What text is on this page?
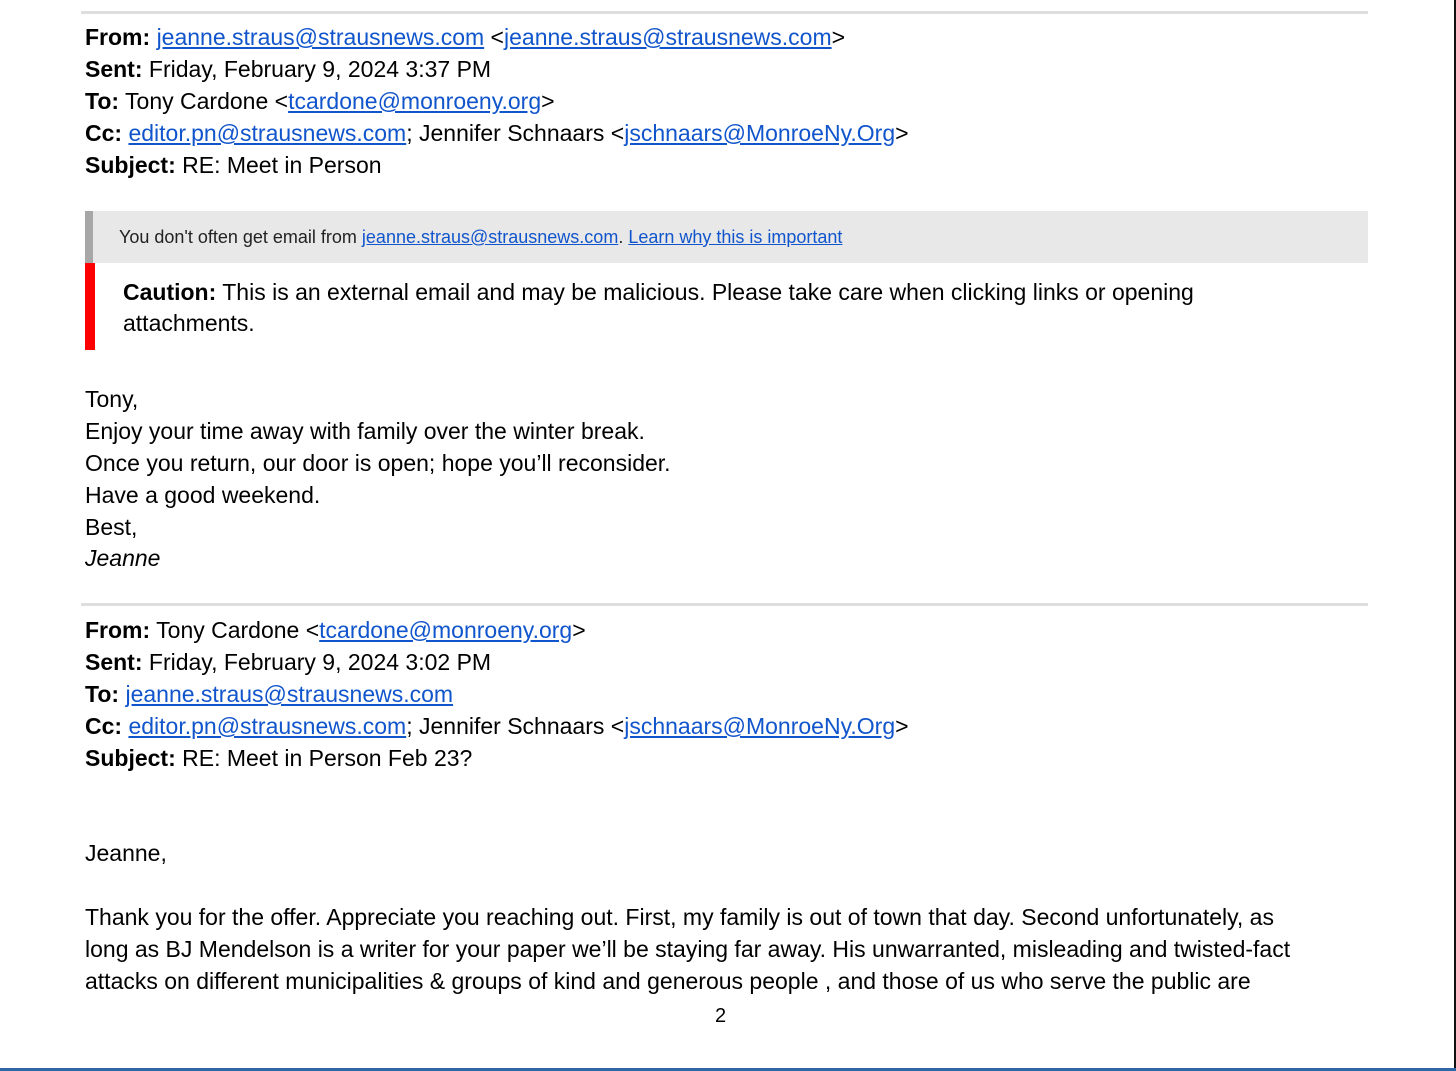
From: jeanne.straus@strausnews.com <jeanne.straus@strausnews.com>
Sent: Friday, February 9, 2024 3:37 PM
To: Tony Cardone <tcardone@monroeny.org>
Cc: editor.pn@strausnews.com; Jennifer Schnaars <jschnaars@MonroeNy.Org>
Subject: RE: Meet in Person
You don't often get email from jeanne.straus@strausnews.com. Learn why this is important
Caution: This is an external email and may be malicious. Please take care when clicking links or opening attachments.
Tony,
Enjoy your time away with family over the winter break.
Once you return, our door is open; hope you’ll reconsider.
Have a good weekend.
Best,
Jeanne
From: Tony Cardone <tcardone@monroeny.org>
Sent: Friday, February 9, 2024 3:02 PM
To: jeanne.straus@strausnews.com
Cc: editor.pn@strausnews.com; Jennifer Schnaars <jschnaars@MonroeNy.Org>
Subject: RE: Meet in Person Feb 23?
Jeanne,
Thank you for the offer. Appreciate you reaching out. First, my family is out of town that day. Second unfortunately, as
long as BJ Mendelson is a writer for your paper we’ll be staying far away. His unwarranted, misleading and twisted-fact
attacks on different municipalities & groups of kind and generous people , and those of us who serve the public are
2
